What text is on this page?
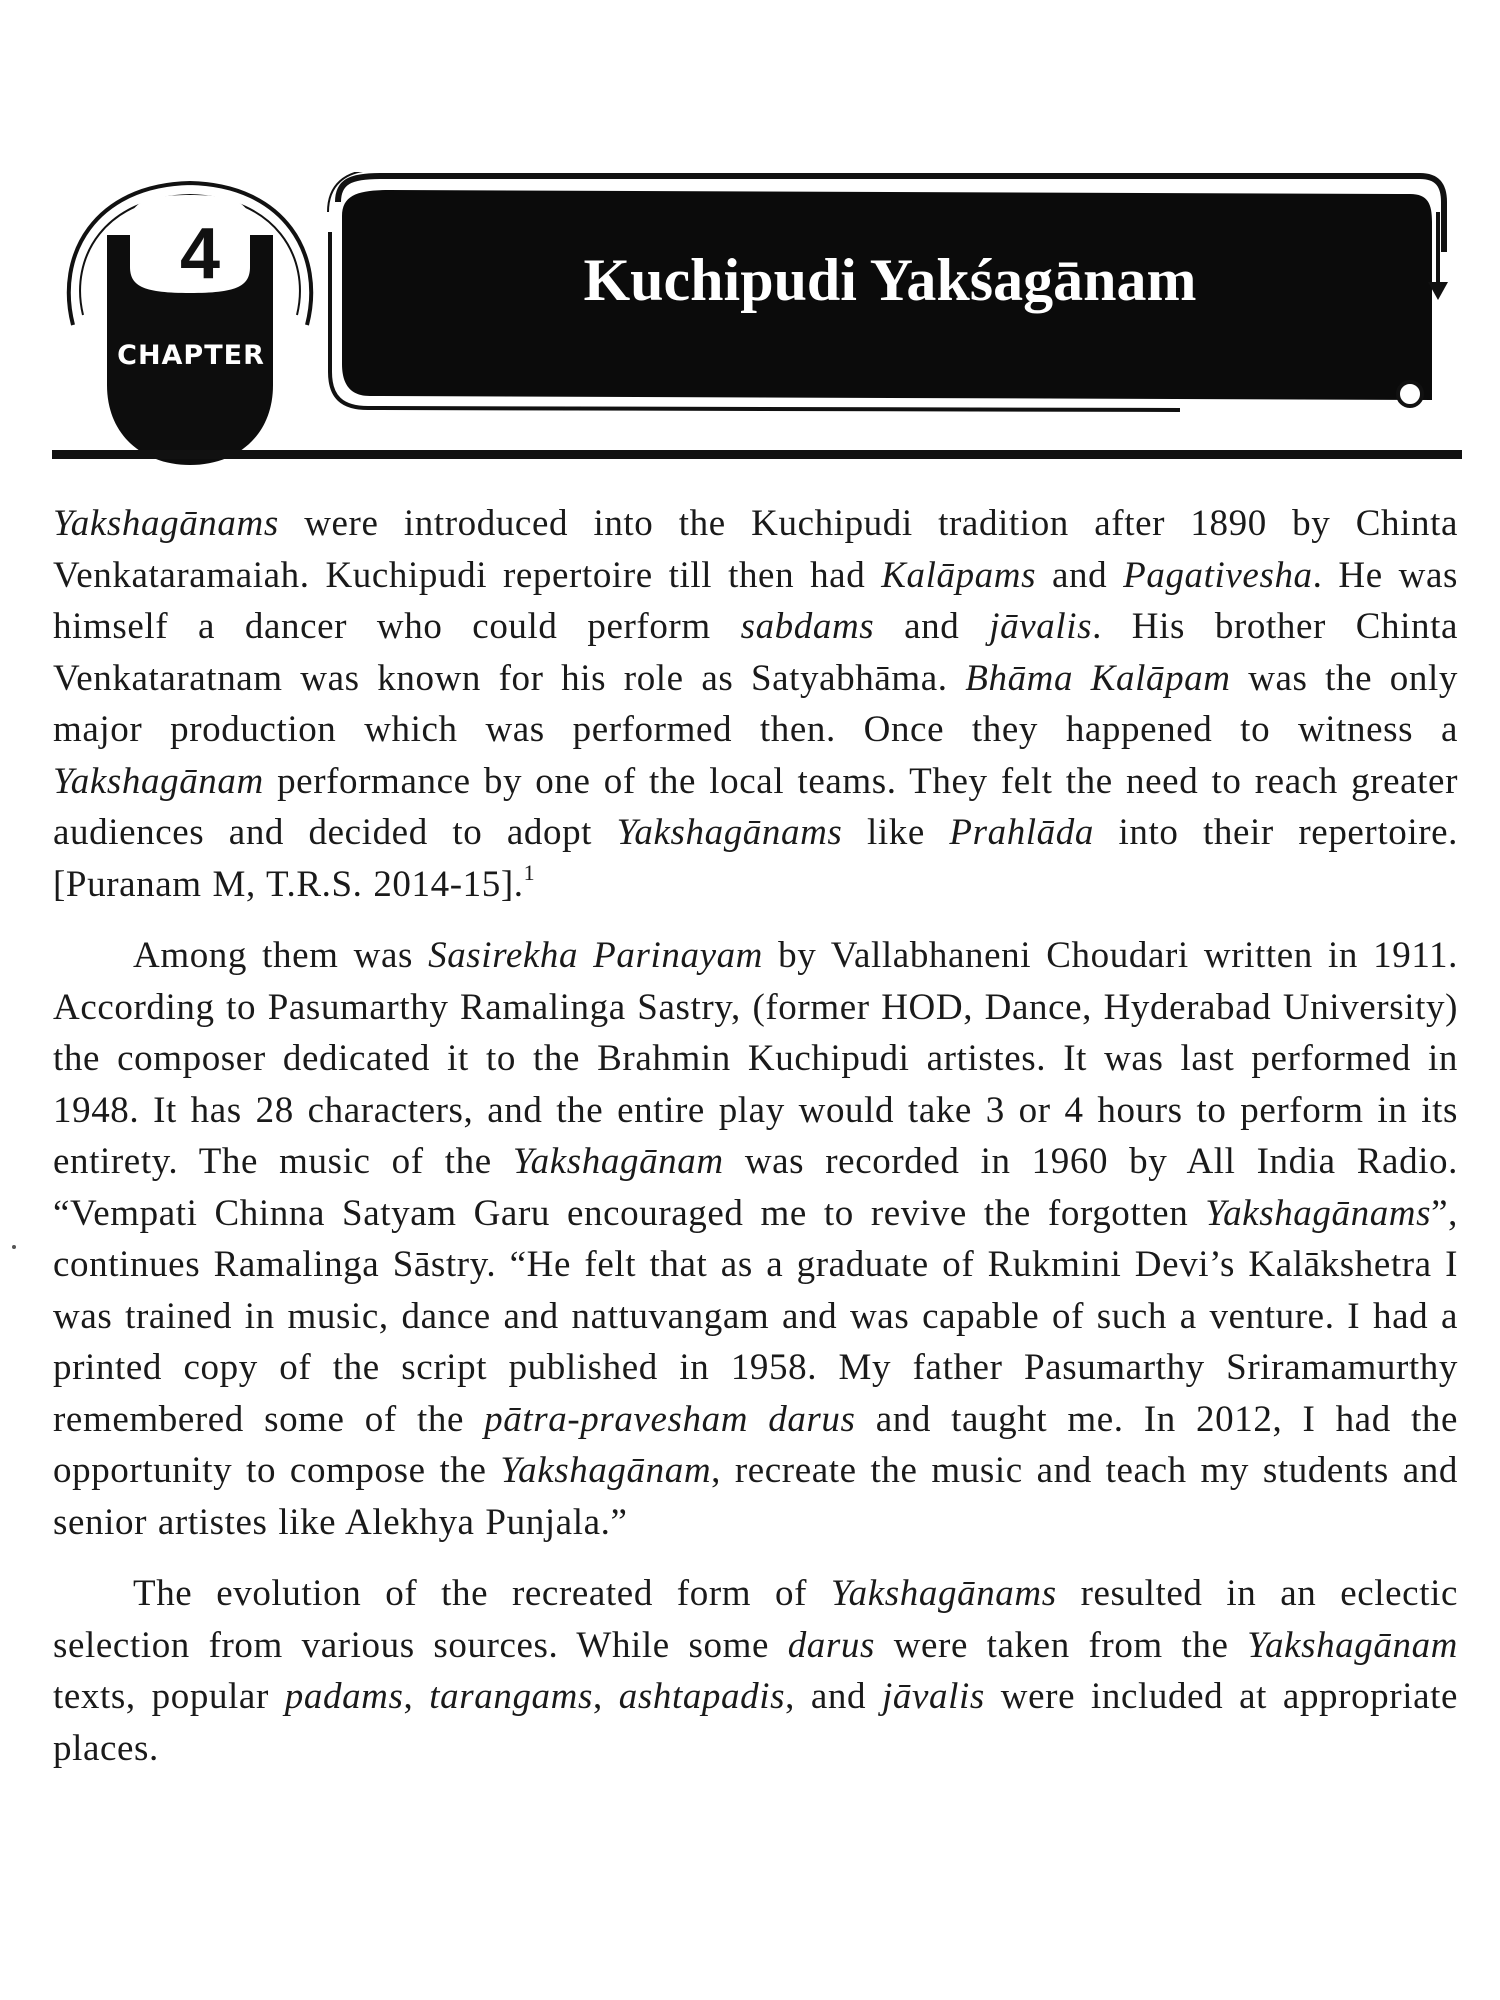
4
CHAPTER
Kuchipudi Yakśagānam

Yakshagānams were introduced into the Kuchipudi tradition after 1890 by Chinta Venkataramaiah. Kuchipudi repertoire till then had Kalāpams and Pagativesha. He was himself a dancer who could perform sabdams and jāvalis. His brother Chinta Venkataratnam was known for his role as Satyabhāma. Bhāma Kalāpam was the only major production which was performed then. Once they happened to witness a Yakshagānam performance by one of the local teams. They felt the need to reach greater audiences and decided to adopt Yakshagānams like Prahlāda into their repertoire. [Puranam M, T.R.S. 2014-15].$^1$

Among them was Sasirekha Parinayam by Vallabhaneni Choudari written in 1911. According to Pasumarthy Ramalinga Sastry, (former HOD, Dance, Hyderabad University) the composer dedicated it to the Brahmin Kuchipudi artistes. It was last performed in 1948. It has 28 characters, and the entire play would take 3 or 4 hours to perform in its entirety. The music of the Yakshagānam was recorded in 1960 by All India Radio. “Vempati Chinna Satyam Garu encouraged me to revive the forgotten Yakshagānams”, continues Ramalinga Sāstry. “He felt that as a graduate of Rukmini Devi’s Kalākshetra I was trained in music, dance and nattuvangam and was capable of such a venture. I had a printed copy of the script published in 1958. My father Pasumarthy Sriramamurthy remembered some of the pātra-pravesham darus and taught me. In 2012, I had the opportunity to compose the Yakshagānam, recreate the music and teach my students and senior artistes like Alekhya Punjala.”

The evolution of the recreated form of Yakshagānams resulted in an eclectic selection from various sources. While some darus were taken from the Yakshagānam texts, popular padams, tarangams, ashtapadis, and jāvalis were included at appropriate places.
